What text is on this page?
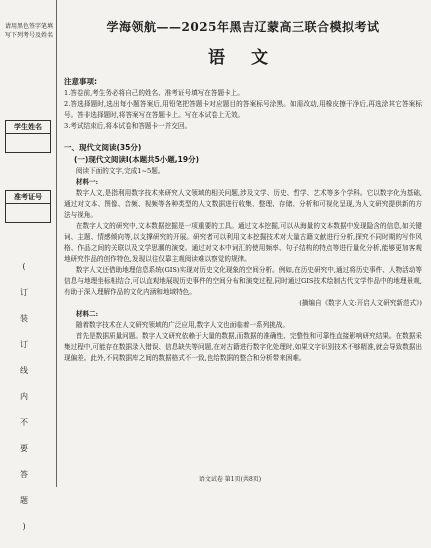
请用黑色签字笔填写下列考号及姓名
学生姓名
准考证号
(
订
装
订
线
内
不
要
答
题
)
学海领航——2025年黑吉辽蒙高三联合模拟考试
语 文
注意事项:
1.答卷前,考生务必将自己的姓名、准考证号填写在答题卡上。
2.答选择题时,选出每小题答案后,用铅笔把答题卡对应题目的答案标号涂黑。如需改动,用橡皮擦干净后,再选涂其它答案标号。答非选择题时,将答案写在答题卡上。写在本试卷上无效。
3.考试结束后,将本试卷和答题卡一并交回。
一、现代文阅读(35分)
(一)现代文阅读Ⅰ(本题共5小题,19分)
阅读下面的文字,完成1~5题。
材料一:
数字人文,是指利用数字技术来研究人文领域的相关问题,涉及文学、历史、哲学、艺术等多个学科。它以数字化为基础,通过对文本、图像、音频、视频等各种类型的人文数据进行收集、整理、存储、分析和可视化呈现,为人文研究提供新的方法与视角。
在数字人文的研究中,文本数据挖掘是一项重要的工具。通过文本挖掘,可以从海量的文本数据中发现隐含的信息,如关键词、主题、情感倾向等,以支撑研究的开展。研究者可以利用文本挖掘技术对大量古籍文献进行分析,探究不同时期的写作风格、作品之间的关联以及文学思潮的演变。通过对文本中词汇的使用频率、句子结构的特点等进行量化分析,能够更加客观地研究作品的创作特色,发现以往仅靠主观阅读难以察觉的规律。
数字人文还借助地理信息系统(GIS)实现对历史文化现象的空间分析。例如,在历史研究中,通过将历史事件、人物活动等信息与地理坐标相结合,可以直观地展现历史事件的空间分布和演变过程,同时通过GIS技术绘制古代文学作品中的地理景观,有助于深入理解作品的文化内涵和地域特色。
(摘编自《数字人文:开启人文研究新范式》)
材料二:
随着数字技术在人文研究领域的广泛应用,数字人文也面临着一系列挑战。
首先是数据质量问题。数字人文研究依赖于大量的数据,而数据的准确性、完整性和可靠性直接影响研究结果。在数据采集过程中,可能存在数据录入错误、信息缺失等问题,在对古籍进行数字化处理时,如果文字识别技术不够精准,就会导致数据出现偏差。此外,不同数据库之间的数据格式不一致,也给数据的整合和分析带来困难。
语文试卷 第1页(共8页)
